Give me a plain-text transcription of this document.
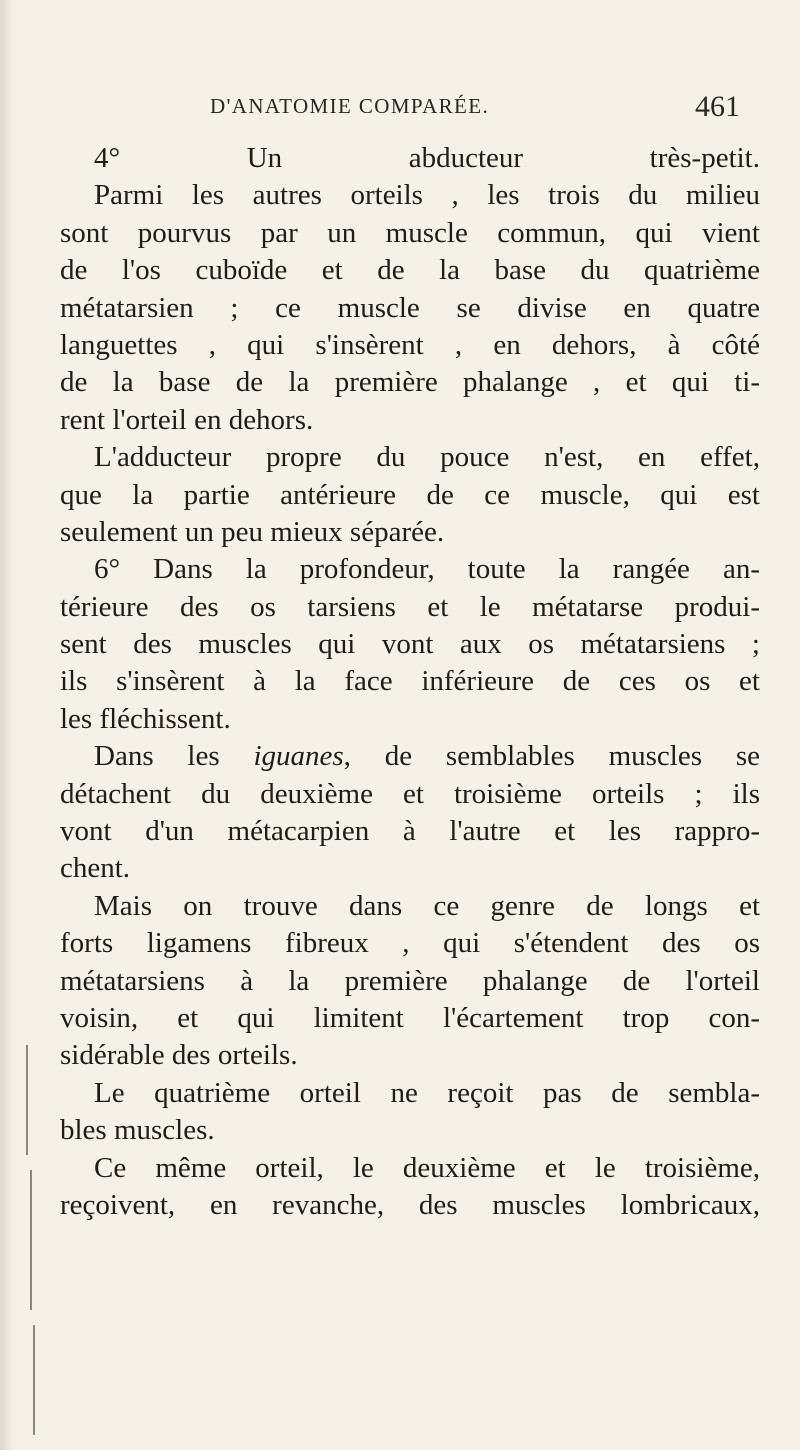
D'ANATOMIE COMPARÉE.	461
4° Un abducteur très-petit.
Parmi les autres orteils , les trois du milieu
sont pourvus par un muscle commun, qui vient
de l'os cuboïde et de la base du quatrième
métatarsien ; ce muscle se divise en quatre
languettes , qui s'insèrent , en dehors, à côté
de la base de la première phalange , et qui ti-
rent l'orteil en dehors.
L'adducteur propre du pouce n'est, en effet,
que la partie antérieure de ce muscle, qui est
seulement un peu mieux séparée.
6° Dans la profondeur, toute la rangée an-
térieure des os tarsiens et le métatarse produi-
sent des muscles qui vont aux os métatarsiens ;
ils s'insèrent à la face inférieure de ces os et
les fléchissent.
Dans les iguanes, de semblables muscles se
détachent du deuxième et troisième orteils ; ils
vont d'un métacarpien à l'autre et les rappro-
chent.
Mais on trouve dans ce genre de longs et
forts ligamens fibreux , qui s'étendent des os
métatarsiens à la première phalange de l'orteil
voisin, et qui limitent l'écartement trop con-
sidérable des orteils.
Le quatrième orteil ne reçoit pas de sembla-
bles muscles.
Ce même orteil, le deuxième et le troisième,
reçoivent, en revanche, des muscles lombricaux,
